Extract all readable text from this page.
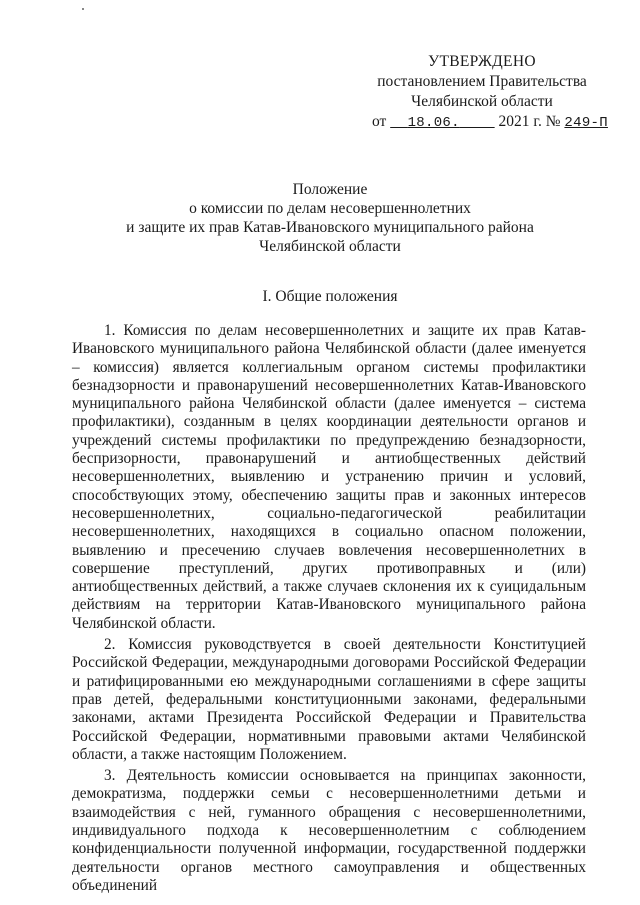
УТВЕРЖДЕНО
постановлением Правительства
Челябинской области
от 18.06. 2021 г. № 249-П
Положение
о комиссии по делам несовершеннолетних
и защите их прав Катав-Ивановского муниципального района
Челябинской области
I. Общие положения

1. Комиссия по делам несовершеннолетних и защите их прав Катав-Ивановского муниципального района Челябинской области (далее именуется – комиссия) является коллегиальным органом системы профилактики безнадзорности и правонарушений несовершеннолетних Катав-Ивановского муниципального района Челябинской области (далее именуется – система профилактики), созданным в целях координации деятельности органов и учреждений системы профилактики по предупреждению безнадзорности, беспризорности, правонарушений и антиобщественных действий несовершеннолетних, выявлению и устранению причин и условий, способствующих этому, обеспечению защиты прав и законных интересов несовершеннолетних, социально-педагогической реабилитации несовершеннолетних, находящихся в социально опасном положении, выявлению и пресечению случаев вовлечения несовершеннолетних в совершение преступлений, других противоправных и (или) антиобщественных действий, а также случаев склонения их к суицидальным действиям на территории Катав-Ивановского муниципального района Челябинской области.

2. Комиссия руководствуется в своей деятельности Конституцией Российской Федерации, международными договорами Российской Федерации и ратифицированными ею международными соглашениями в сфере защиты прав детей, федеральными конституционными законами, федеральными законами, актами Президента Российской Федерации и Правительства Российской Федерации, нормативными правовыми актами Челябинской области, а также настоящим Положением.

3. Деятельность комиссии основывается на принципах законности, демократизма, поддержки семьи с несовершеннолетними детьми и взаимодействия с ней, гуманного обращения с несовершеннолетними, индивидуального подхода к несовершеннолетним с соблюдением конфиденциальности полученной информации, государственной поддержки деятельности органов местного самоуправления и общественных объединений
